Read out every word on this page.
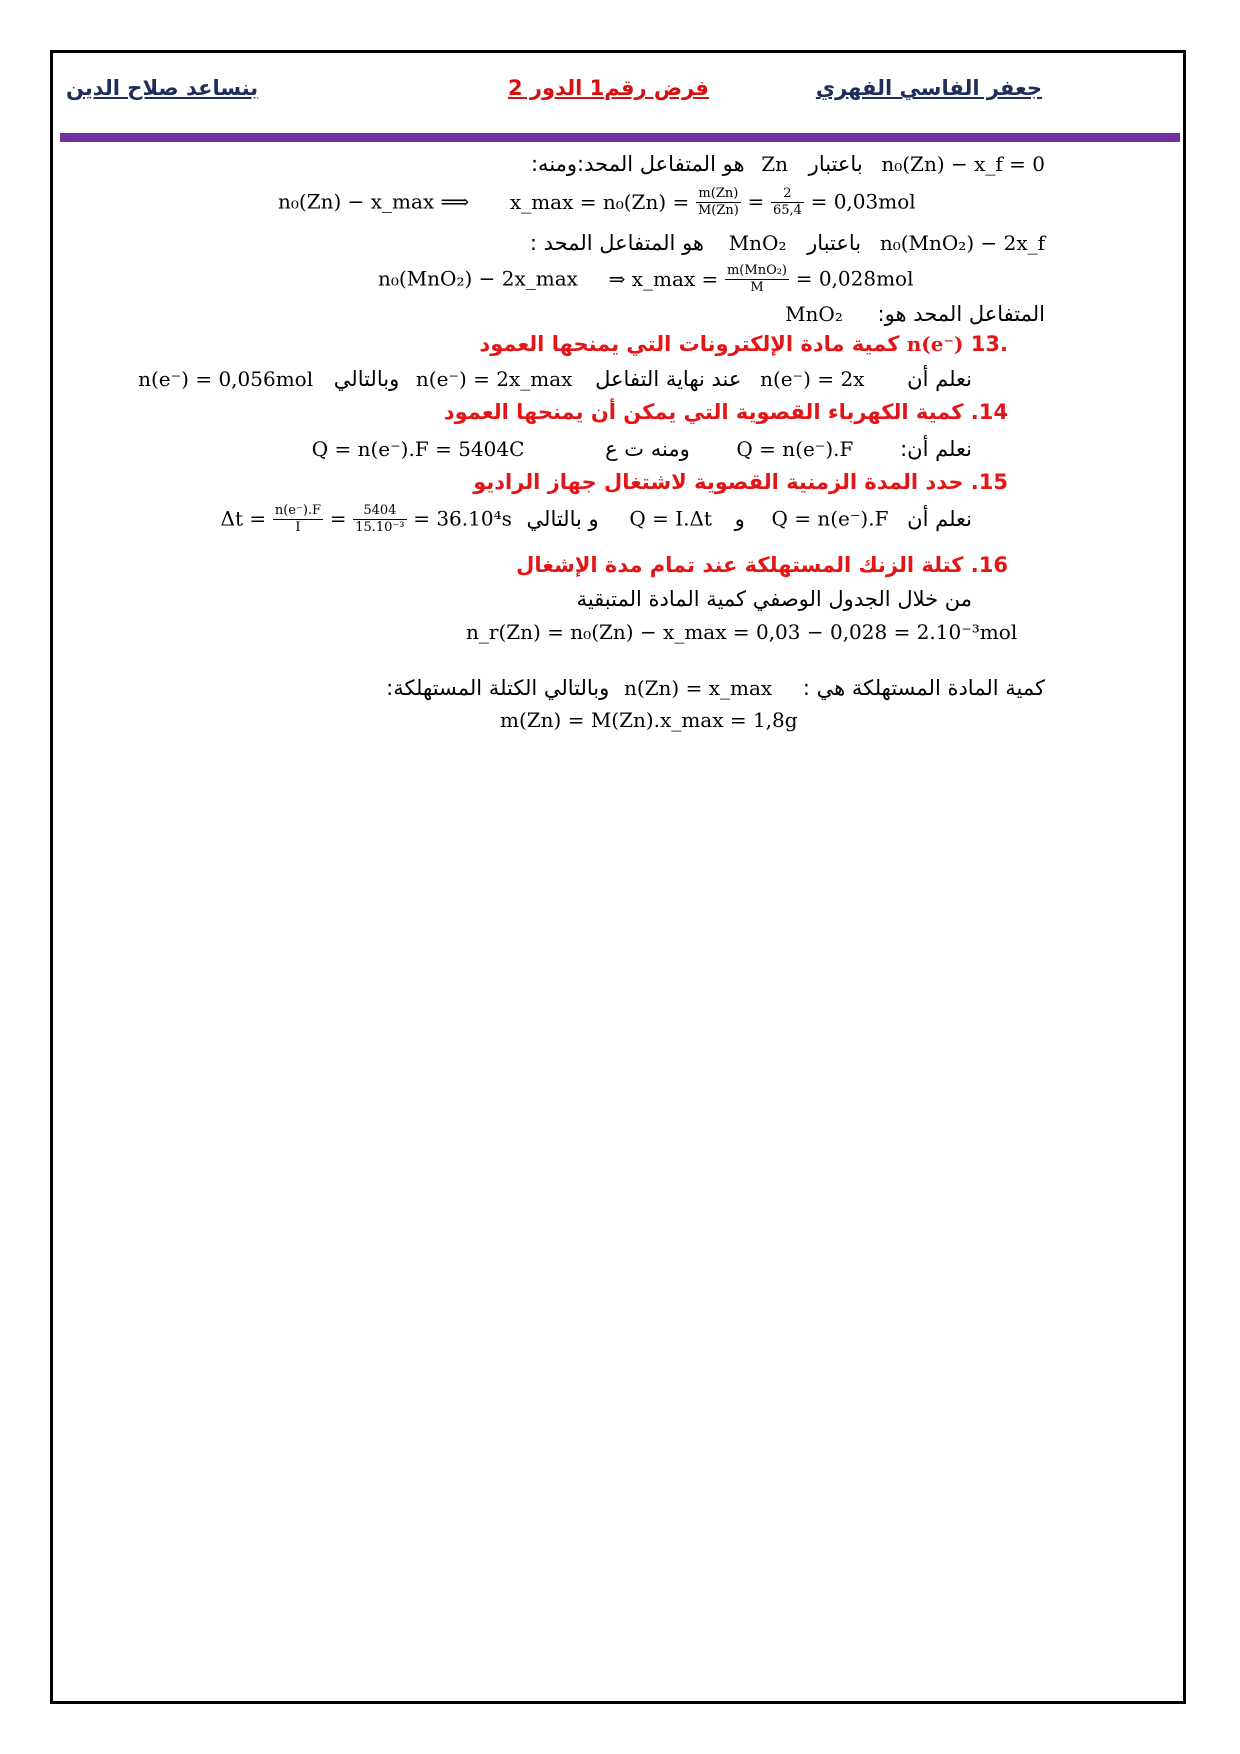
جعفر الفاسي الفهري
فرض رقم1 الدور 2
بنساعد صلاح الدين
هو المتفاعل المحد:ومنه: Zn باعتبار n₀(Zn) − x_f = 0
n₀(Zn) − x_max ⟹ x_max = $n_0(Zn) = \frac{m(Zn)}{M(Zn)} = \frac{2}{65,4} = 0,03mol$
هو المتفاعل المحد : MnO₂ باعتبار n₀(MnO₂) − 2x_f
n₀(MnO₂) − 2x_max ⇒ x_max = $\frac{\text{m(MnO₂)}}{M} = 0,028mol$
MnO₂ المتفاعل المحد هو:
كمية مادة الإلكترونات التي يمنحها العمود n(e⁻) 13.
n(e⁻) = 0,056mol وبالتالي n(e⁻) = 2x_max عند نهاية التفاعل n(e⁻) = 2x نعلم أن
14. كمية الكهرباء القصوية التي يمكن أن يمنحها العمود
Q = n(e⁻).F = 5404C	ومنه ت ع Q = n(e⁻).F نعلم أن:
15. حدد المدة الزمنية القصوية لاشتغال جهاز الراديو
$\Delta t = \frac{n(e^-).F}{I} = \frac{5404}{\text{15.10⁻³}} = 36.10^4s$ و بالتالي Q = I.Δt و Q = n(e⁻).F نعلم أن
16. كتلة الزنك المستهلكة عند تمام مدة الإشغال
من خلال الجدول الوصفي كمية المادة المتبقية
n_r(Zn) = n₀(Zn) − x_max = 0,03 − 0,028 = 2.10⁻³mol
وبالتالي الكتلة المستهلكة: n(Zn) = x_max كمية المادة المستهلكة هي :
m(Zn) = M(Zn).x_max = 1,8g
